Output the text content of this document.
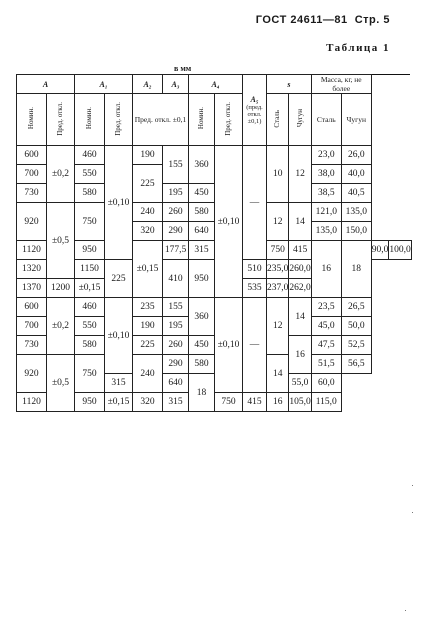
ГОСТ 24611—81 Стр. 5
Таблица 1
в мм
A		A₁		A₂	A₃	A₄		A₅
(пред. откл. ±0,1)	s		Масса, кг, не более			
Номин.	Пред. откл.	Номин.	Пред. откл.	Пред. откл. ±0,1		Номин.	Пред. откл.		Сталь	Чугун	Сталь	Чугун		
600	±0,2	460	±0,10	190	155	360	±0,10	—	10	12	23,0	26,0		
700		550		225							38,0	40,0		
730		580			195	450					38,5	40,5		
920	±0,5	750		240	260	580			12	14	121,0	135,0		
				320	290	640					135,0	150,0		
1120		950		±0,15	177,5	315			750	415	16	18	90,0	100,0
1320		1150	225		410	950		510	235,0	260,0				
1370	1200	±0,15						535	237,0	262,0				
600	±0,2	460	±0,10	235	155	360	±0,10	—	12	14	23,5	26,5		
700		550		190	195						45,0	50,0		
730		580		225	260	450				16	47,5	52,5		
920	±0,5	750		240	290	580			14		51,5	56,5		
			315		640	18				55,0	60,0			
1120		950	±0,15	320	315		750	415	16	105,0	115,0			
